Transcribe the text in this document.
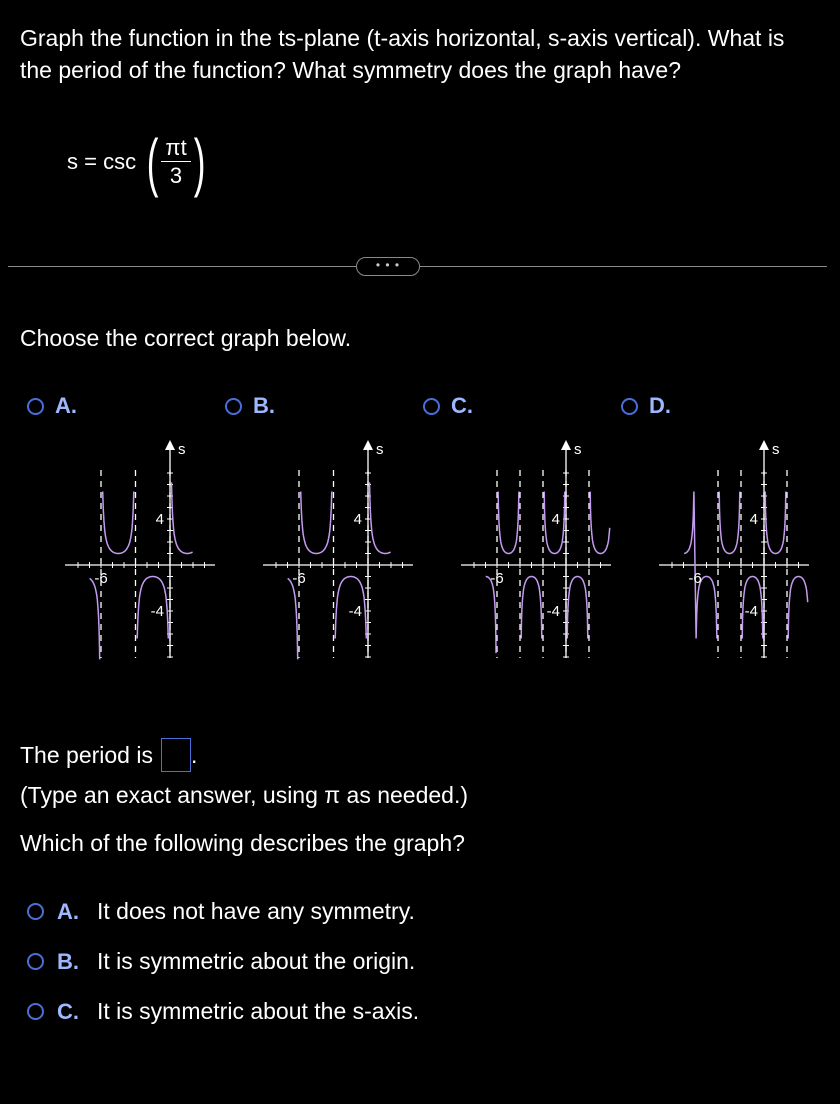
Graph the function in the ts-plane (t-axis horizontal, s-axis vertical). What is the period of the function? What symmetry does the graph have?

s = csc ( $\frac{\pi t}{3}$ )
• • •
Choose the correct graph below.
A.	B.	C.	D.
s
4
-4
-6
s
4
-4
-6
s
4
-4
-6
s
4
-4
-6
The period is .
(Type an exact answer, using π as needed.)
Which of the following describes the graph?
A. It does not have any symmetry.
B. It is symmetric about the origin.
C. It is symmetric about the s-axis.
